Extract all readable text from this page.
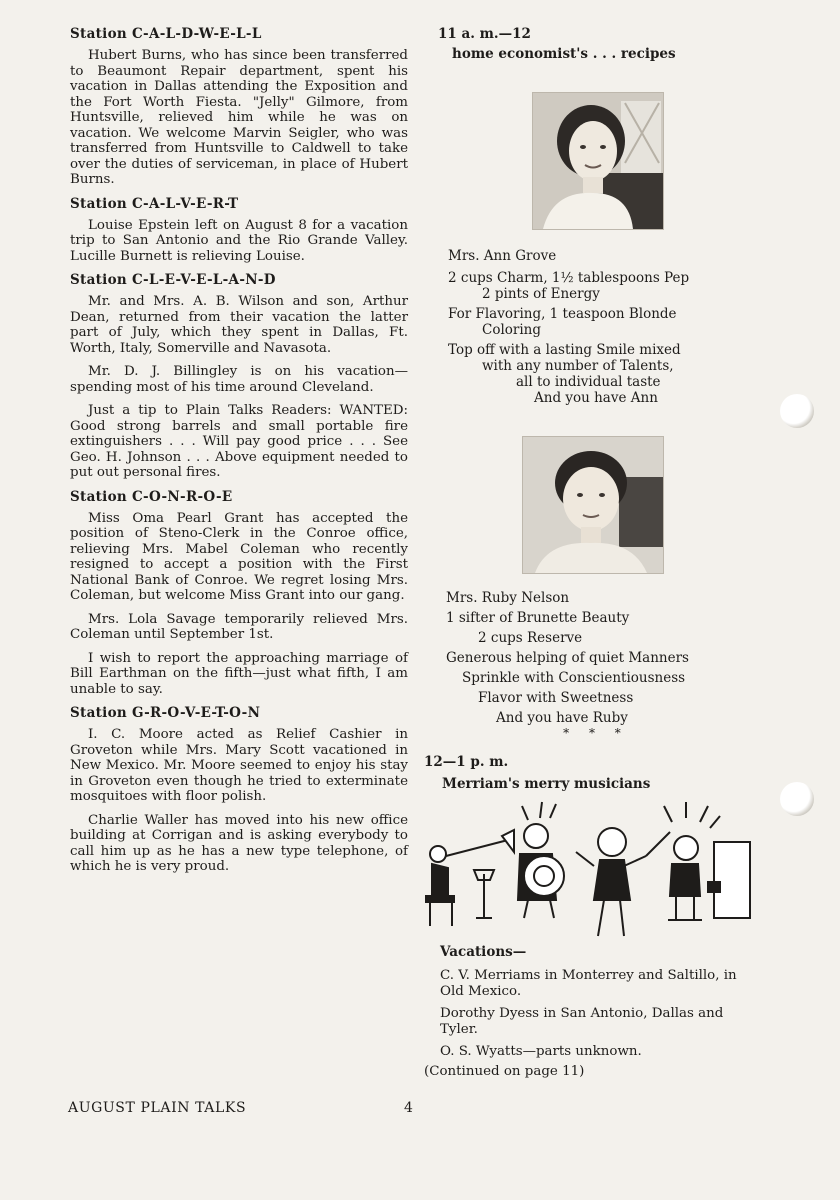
Station C-A-L-D-W-E-L-L

Hubert Burns, who has since been transferred to Beaumont Repair department, spent his vacation in Dallas attending the Exposition and the Fort Worth Fiesta. "Jelly" Gilmore, from Huntsville, relieved him while he was on vacation. We welcome Marvin Seigler, who was transferred from Huntsville to Caldwell to take over the duties of serviceman, in place of Hubert Burns.

Station C-A-L-V-E-R-T

Louise Epstein left on August 8 for a vacation trip to San Antonio and the Rio Grande Valley. Lucille Burnett is relieving Louise.

Station C-L-E-V-E-L-A-N-D

Mr. and Mrs. A. B. Wilson and son, Arthur Dean, returned from their vacation the latter part of July, which they spent in Dallas, Ft. Worth, Italy, Somerville and Navasota.

Mr. D. J. Billingley is on his vacation—spending most of his time around Cleveland.

Just a tip to Plain Talks Readers: WANTED: Good strong barrels and small portable fire extinguishers . . . Will pay good price . . . See Geo. H. Johnson . . . Above equipment needed to put out personal fires.

Station C-O-N-R-O-E

Miss Oma Pearl Grant has accepted the position of Steno-Clerk in the Conroe office, relieving Mrs. Mabel Coleman who recently resigned to accept a position with the First National Bank of Conroe. We regret losing Mrs. Coleman, but welcome Miss Grant into our gang.

Mrs. Lola Savage temporarily relieved Mrs. Coleman until September 1st.

I wish to report the approaching marriage of Bill Earthman on the fifth—just what fifth, I am unable to say.

Station G-R-O-V-E-T-O-N

I. C. Moore acted as Relief Cashier in Groveton while Mrs. Mary Scott vacationed in New Mexico. Mr. Moore seemed to enjoy his stay in Groveton even though he tried to exterminate mosquitoes with floor polish.

Charlie Waller has moved into his new office building at Corrigan and is asking everybody to call him up as he has a new type telephone, of which he is very proud.

11 a. m.—12

home economist's . . . recipes

Mrs. Ann Grove

2 cups Charm, 1½ tablespoons Pep

2 pints of Energy

For Flavoring, 1 teaspoon Blonde

Coloring

Top off with a lasting Smile mixed

with any number of Talents,

all to individual taste

And you have Ann

Mrs. Ruby Nelson

1 sifter of Brunette Beauty

2 cups Reserve

Generous helping of quiet Manners

Sprinkle with Conscientiousness

Flavor with Sweetness

And you have Ruby

* * *

12—1 p. m.

Merriam's merry musicians

Vacations—

C. V. Merriams in Monterrey and Saltillo, in Old Mexico.

Dorothy Dyess in San Antonio, Dallas and Tyler.

O. S. Wyatts—parts unknown.

(Continued on page 11)

AUGUST PLAIN TALKS	4
